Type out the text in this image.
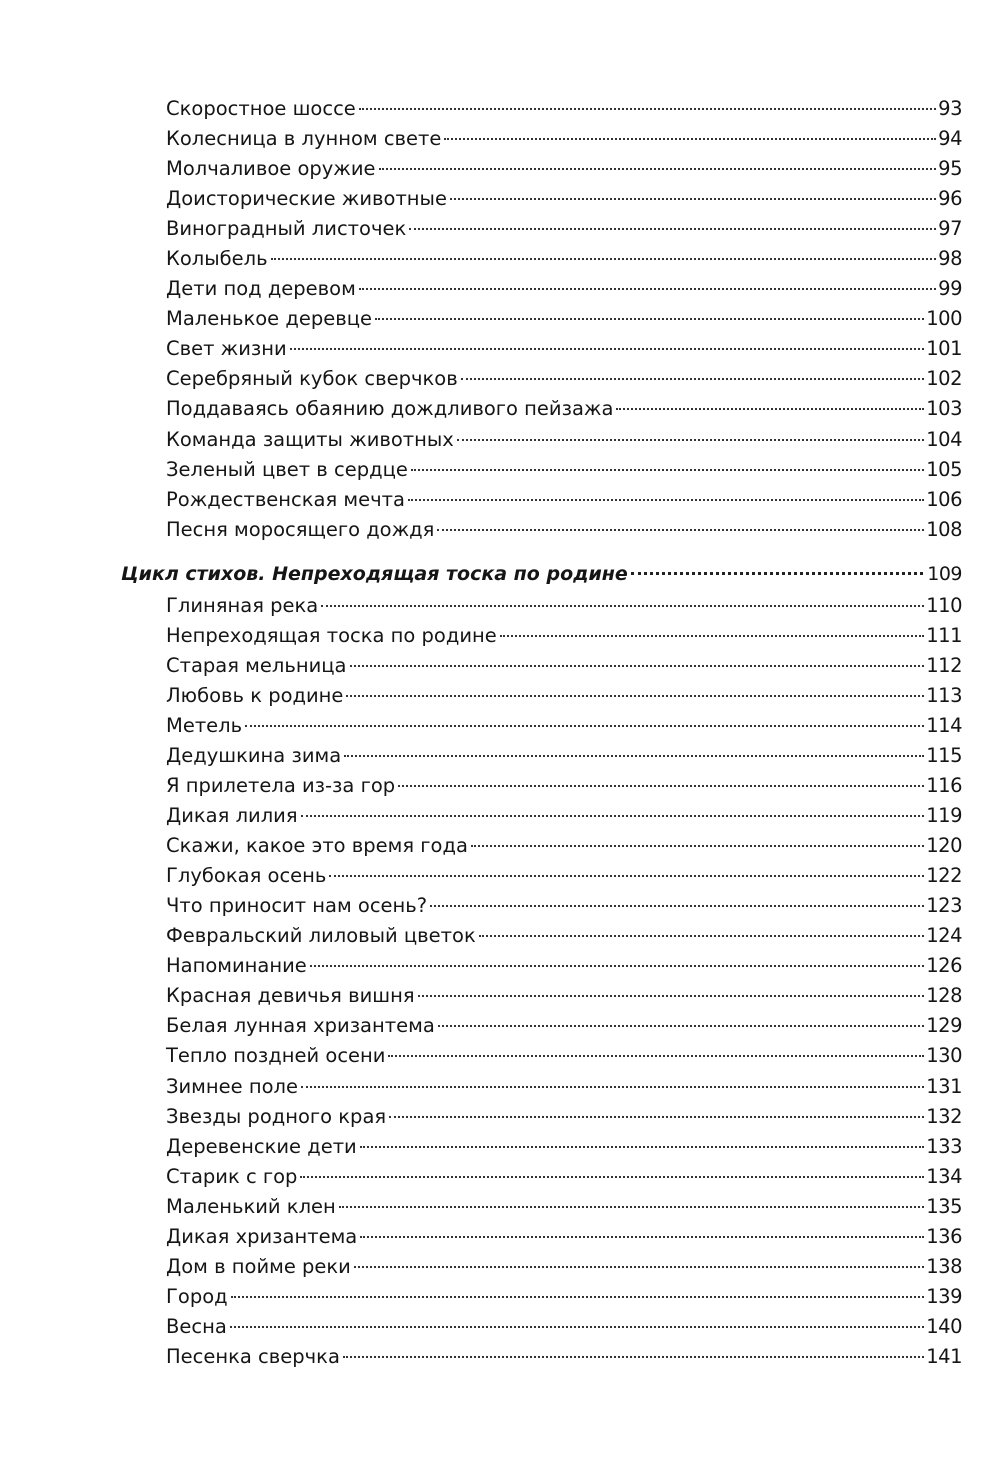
Скоростное шоссе	93
Колесница в лунном свете	94
Молчаливое оружие	95
Доисторические животные	96
Виноградный листочек	97
Колыбель	98
Дети под деревом	99
Маленькое деревце	100
Свет жизни	101
Серебряный кубок сверчков	102
Поддаваясь обаянию дождливого пейзажа	103
Команда защиты животных	104
Зеленый цвет в сердце	105
Рождественская мечта	106
Песня моросящего дождя	108
Цикл стихов. Непреходящая тоска по родине	109
Глиняная река	110
Непреходящая тоска по родине	111
Старая мельница	112
Любовь к родине	113
Метель	114
Дедушкина зима	115
Я прилетела из-за гор	116
Дикая лилия	119
Скажи, какое это время года	120
Глубокая осень	122
Что приносит нам осень?	123
Февральский лиловый цветок	124
Напоминание	126
Красная девичья вишня	128
Белая лунная хризантема	129
Тепло поздней осени	130
Зимнее поле	131
Звезды родного края	132
Деревенские дети	133
Старик с гор	134
Маленький клен	135
Дикая хризантема	136
Дом в пойме реки	138
Город	139
Весна	140
Песенка сверчка	141
